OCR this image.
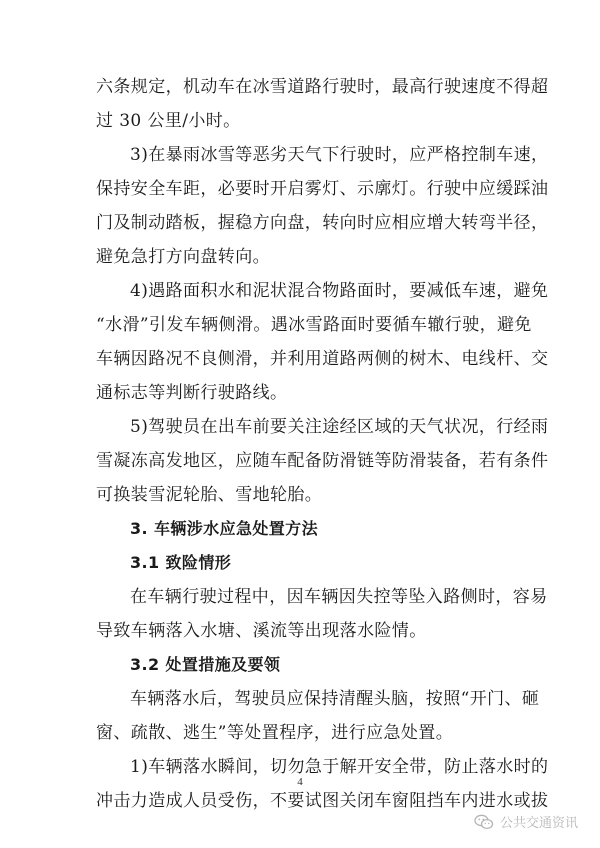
六条规定，机动车在冰雪道路行驶时，最高行驶速度不得超
过 30 公里/小时。
3)在暴雨冰雪等恶劣天气下行驶时，应严格控制车速，
保持安全车距，必要时开启雾灯、示廓灯。行驶中应缓踩油
门及制动踏板，握稳方向盘，转向时应相应增大转弯半径，
避免急打方向盘转向。
4)遇路面积水和泥状混合物路面时，要减低车速，避免
“水滑”引发车辆侧滑。遇冰雪路面时要循车辙行驶，避免
车辆因路况不良侧滑，并利用道路两侧的树木、电线杆、交
通标志等判断行驶路线。
5)驾驶员在出车前要关注途经区域的天气状况，行经雨
雪凝冻高发地区，应随车配备防滑链等防滑装备，若有条件
可换装雪泥轮胎、雪地轮胎。
3. 车辆涉水应急处置方法
3.1 致险情形
在车辆行驶过程中，因车辆因失控等坠入路侧时，容易
导致车辆落入水塘、溪流等出现落水险情。
3.2 处置措施及要领
车辆落水后，驾驶员应保持清醒头脑，按照“开门、砸
窗、疏散、逃生”等处置程序，进行应急处置。
1)车辆落水瞬间，切勿急于解开安全带，防止落水时的
冲击力造成人员受伤，不要试图关闭车窗阻挡车内进水或拔
4
公共交通资讯
